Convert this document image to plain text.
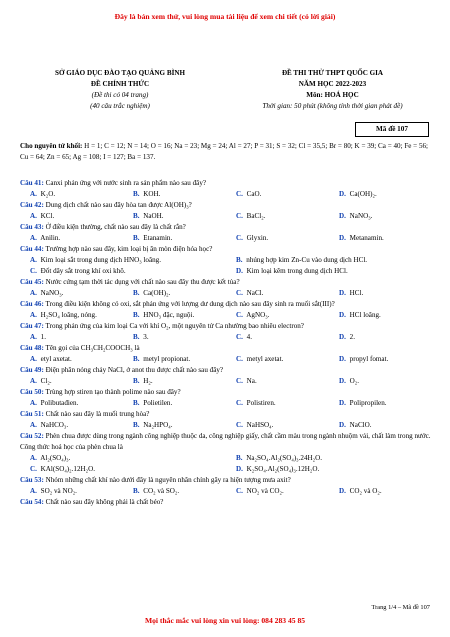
Đây là bản xem thử, vui lòng mua tài liệu để xem chi tiết (có lời giải)
SỞ GIÁO DỤC ĐÀO TẠO QUẢNG BÌNH
ĐỀ CHÍNH THỨC
(Đề thi có 04 trang)
(40 câu trắc nghiệm)
ĐỀ THI THỬ THPT QUỐC GIA
NĂM HỌC 2022-2023
Môn: HOÁ HỌC
Thời gian: 50 phút (không tính thời gian phát đề)
Mã đề 107
Cho nguyên tử khối: H = 1; C = 12; N = 14; O = 16; Na = 23; Mg = 24; Al = 27; P = 31; S = 32; Cl = 35,5; Br = 80; K = 39; Ca = 40; Fe = 56; Cu = 64; Zn = 65; Ag = 108; I = 127; Ba = 137.
Câu 41: Canxi phản ứng với nước sinh ra sản phẩm nào sau đây?
A. K₂O.	B. KOH.	C. CaO.	D. Ca(OH)₂.
Câu 42: Dung dịch chất nào sau đây hòa tan được Al(OH)₃?
A. KCl.	B. NaOH.	C. BaCl₂.	D. NaNO₃.
Câu 43: Ở điều kiện thường, chất nào sau đây là chất rắn?
A. Anilin.	B. Etanamin.	C. Glyxin.	D. Metanamin.
Câu 44: Trường hợp nào sau đây, kim loại bị ăn mòn điện hóa học?
A. Kim loại sắt trong dung dịch HNO₃ loãng.	B. nhúng hợp kim Zn-Cu vào dung dịch HCl.
C. Đốt dây sắt trong khí oxi khô.	D. Kim loại kẽm trong dung dịch HCl.
Câu 45: Nước cứng tạm thời tác dụng với chất nào sau đây thu được kết tủa?
A. NaNO₃.	B. Ca(OH)₂.	C. NaCl.	D. HCl.
Câu 46: Trong điều kiện không có oxi, sắt phản ứng với lượng dư dung dịch nào sau đây sinh ra muối sắt(III)?
A. H₂SO₄ loãng, nóng.	B. HNO₃ đặc, nguội.	C. AgNO₃.	D. HCl loãng.
Câu 47: Trong phản ứng của kim loại Ca với khí O₂, một nguyên tử Ca nhường bao nhiêu electron?
A. 1.	B. 3.	C. 4.	D. 2.
Câu 48: Tên gọi của CH₃CH₂COOCH₃ là
A. etyl axetat.	B. metyl propionat.	C. metyl axetat.	D. propyl fomat.
Câu 49: Điện phân nóng chảy NaCl, ở anot thu được chất nào sau đây?
A. Cl₂.	B. H₂.	C. Na.	D. O₂.
Câu 50: Trùng hợp stiren tạo thành polime nào sau đây?
A. Polibutađien.	B. Polietilen.	C. Polistiren.	D. Polipropilen.
Câu 51: Chất nào sau đây là muối trung hòa?
A. NaHCO₃.	B. Na₂HPO₄.	C. NaHSO₄.	D. NaClO.
Câu 52: Phèn chua được dùng trong ngành công nghiệp thuộc da, công nghiệp giấy, chất cầm màu trong ngành nhuộm vải, chất làm trong nước. Công thức hoá học của phèn chua là
A. Al₂(SO₄)₃.	B. Na₂SO₄.Al₂(SO₄)₃.24H₂O.
C. KAl(SO₄)₂.12H₂O.	D. K₂SO₄.Al₂(SO₄)₃.12H₂O.
Câu 53: Nhóm những chất khí nào dưới đây là nguyên nhân chính gây ra hiện tượng mưa axit?
A. SO₂ và NO₂.	B. CO₂ và SO₂.	C. NO₂ và CO₂.	D. CO₂ và O₂.
Câu 54: Chất nào sau đây không phải là chất béo?
Trang 1/4 – Mã đề 107
Mọi thắc mắc vui lòng xin vui lòng: 084 283 45 85
